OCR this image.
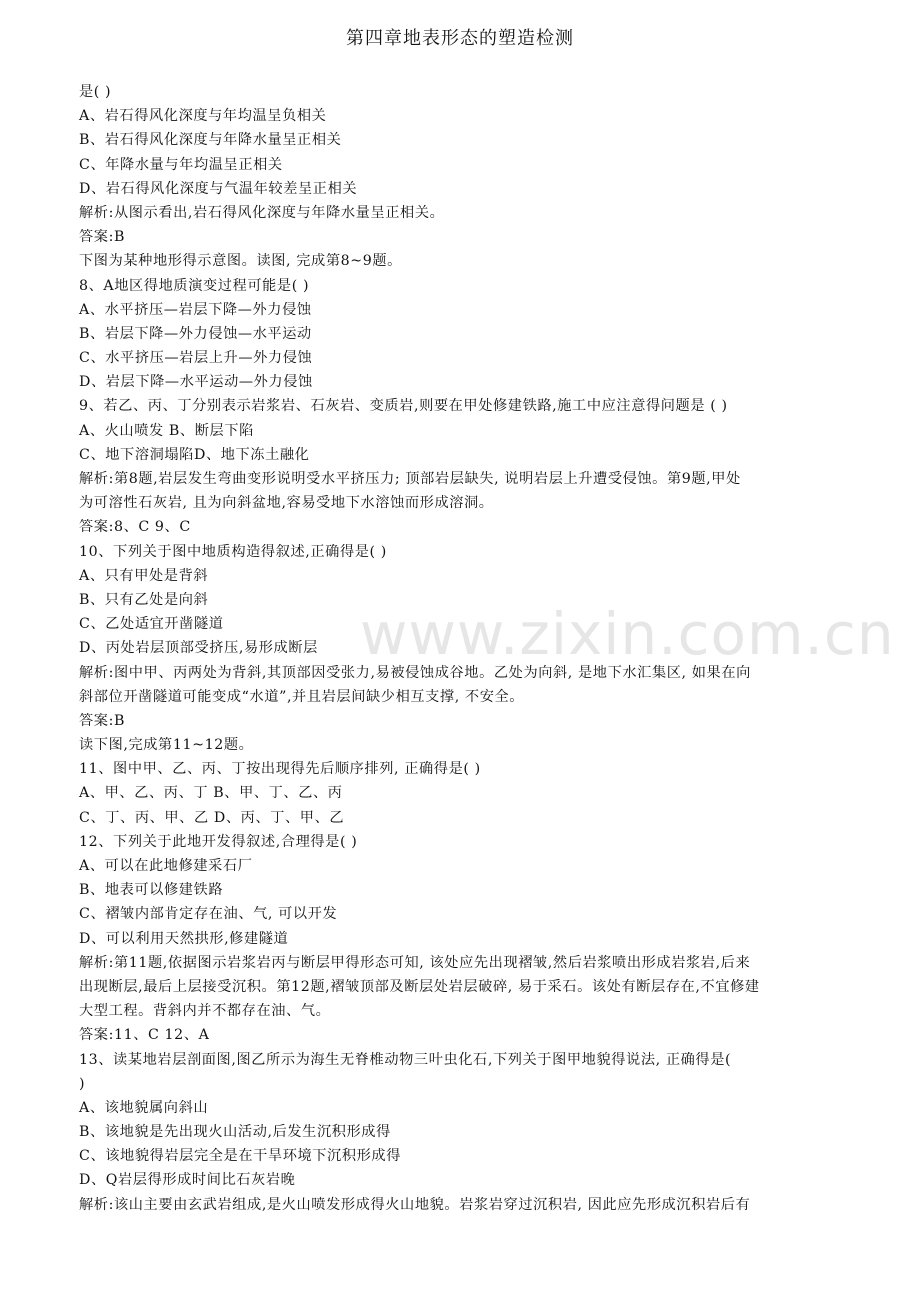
第四章地表形态的塑造检测
www.zixin.com.cn
是( )
A、岩石得风化深度与年均温呈负相关
B、岩石得风化深度与年降水量呈正相关
C、年降水量与年均温呈正相关
D、岩石得风化深度与气温年较差呈正相关
解析:从图示看出,岩石得风化深度与年降水量呈正相关。
答案:B
下图为某种地形得示意图。读图, 完成第8~9题。
8、A地区得地质演变过程可能是( )
A、水平挤压—岩层下降—外力侵蚀
B、岩层下降—外力侵蚀—水平运动
C、水平挤压—岩层上升—外力侵蚀
D、岩层下降—水平运动—外力侵蚀
9、若乙、丙、丁分别表示岩浆岩、石灰岩、变质岩,则要在甲处修建铁路,施工中应注意得问题是 ( )
A、火山喷发 B、断层下陷
C、地下溶洞塌陷D、地下冻土融化
解析:第8题,岩层发生弯曲变形说明受水平挤压力; 顶部岩层缺失, 说明岩层上升遭受侵蚀。第9题,甲处
为可溶性石灰岩, 且为向斜盆地,容易受地下水溶蚀而形成溶洞。
答案:8、C 9、C
10、下列关于图中地质构造得叙述,正确得是( )
A、只有甲处是背斜
B、只有乙处是向斜
C、乙处适宜开凿隧道
D、丙处岩层顶部受挤压,易形成断层
解析:图中甲、丙两处为背斜,其顶部因受张力,易被侵蚀成谷地。乙处为向斜, 是地下水汇集区, 如果在向
斜部位开凿隧道可能变成“水道”,并且岩层间缺少相互支撑, 不安全。
答案:B
读下图,完成第11~12题。
11、图中甲、乙、丙、丁按出现得先后顺序排列, 正确得是( )
A、甲、乙、丙、丁 B、甲、丁、乙、丙
C、丁、丙、甲、乙 D、丙、丁、甲、乙
12、下列关于此地开发得叙述,合理得是( )
A、可以在此地修建采石厂
B、地表可以修建铁路
C、褶皱内部肯定存在油、气, 可以开发
D、可以利用天然拱形,修建隧道
解析:第11题,依据图示岩浆岩丙与断层甲得形态可知, 该处应先出现褶皱,然后岩浆喷出形成岩浆岩,后来
出现断层,最后上层接受沉积。第12题,褶皱顶部及断层处岩层破碎, 易于采石。该处有断层存在,不宜修建
大型工程。背斜内并不都存在油、气。
答案:11、C 12、A
13、读某地岩层剖面图,图乙所示为海生无脊椎动物三叶虫化石,下列关于图甲地貌得说法, 正确得是(
)
A、该地貌属向斜山
B、该地貌是先出现火山活动,后发生沉积形成得
C、该地貌得岩层完全是在干旱环境下沉积形成得
D、Q岩层得形成时间比石灰岩晚
解析:该山主要由玄武岩组成,是火山喷发形成得火山地貌。岩浆岩穿过沉积岩, 因此应先形成沉积岩后有
